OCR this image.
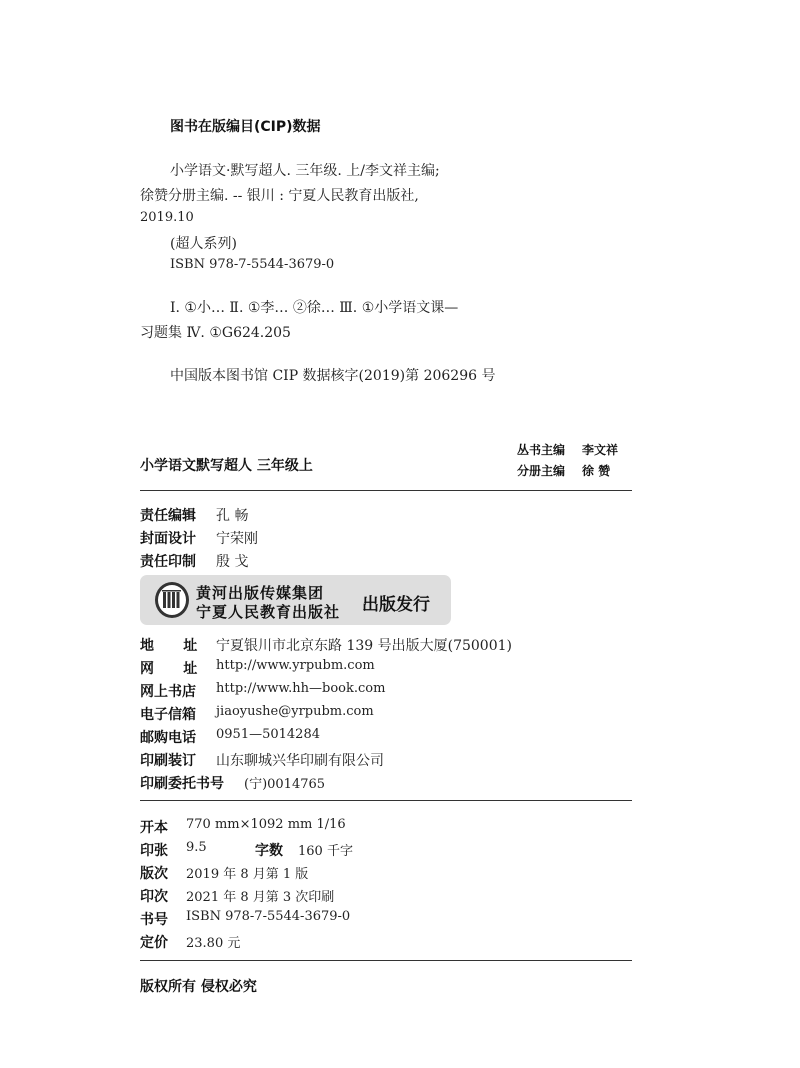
图书在版编目(CIP)数据
小学语文·默写超人. 三年级. 上/李文祥主编;
徐赞分册主编. -- 银川 : 宁夏人民教育出版社,
2019.10
(超人系列)
ISBN 978-7-5544-3679-0
Ⅰ. ①小… Ⅱ. ①李… ②徐… Ⅲ. ①小学语文课—
习题集 Ⅳ. ①G624.205
中国版本图书馆 CIP 数据核字(2019)第 206296 号
小学语文默写超人 三年级上
丛书主编 李文祥
分册主编 徐 赞
责任编辑 孔 畅
封面设计 宁荣刚
责任印制 殷 戈
黄河出版传媒集团
宁夏人民教育出版社 出版发行
地      址 宁夏银川市北京东路 139 号出版大厦(750001)
网      址 http://www.yrpubm.com
网上书店 http://www.hh—book.com
电子信箱 jiaoyushe@yrpubm.com
邮购电话 0951—5014284
印刷装订 山东聊城兴华印刷有限公司
印刷委托书号 (宁)0014765
开本 770 mm×1092 mm 1/16
印张 9.5	字数 160 千字
版次 2019 年 8 月第 1 版
印次 2021 年 8 月第 3 次印刷
书号 ISBN 978-7-5544-3679-0
定价 23.80 元
版权所有 侵权必究
